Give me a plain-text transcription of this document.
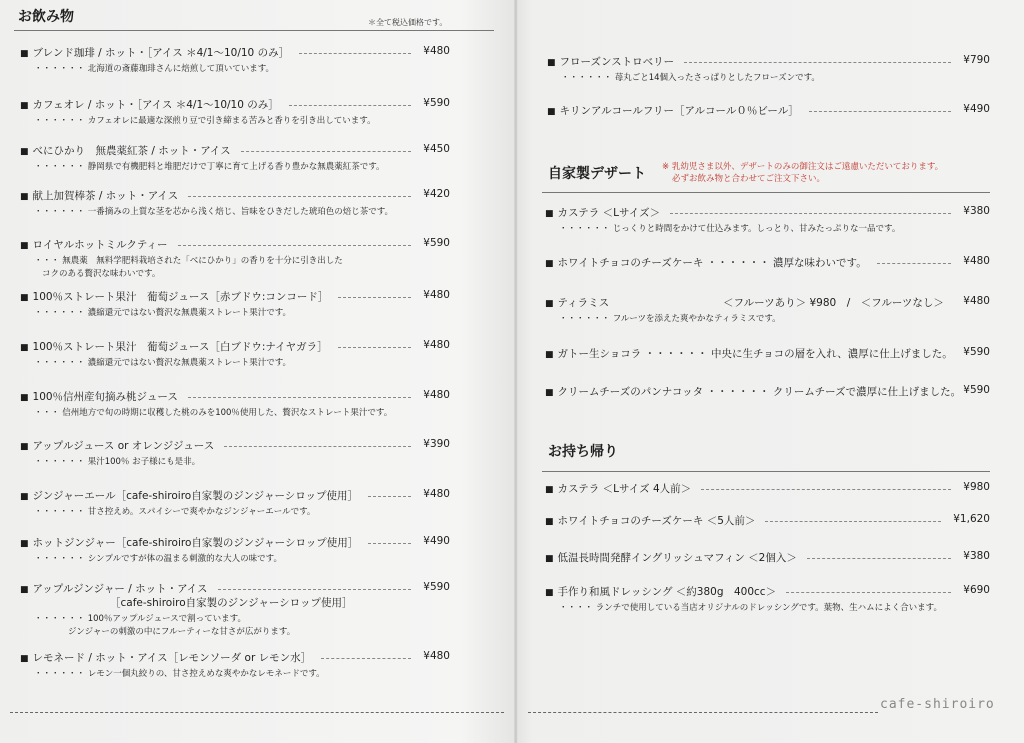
お飲み物	＊全て税込価格です。
■ ブレンド珈琲 / ホット・［アイス ＊4/1～10/10 のみ］	¥480
・・・・・・ 北海道の斎藤珈琲さんに焙煎して頂いています。
■ カフェオレ / ホット・［アイス ＊4/1～10/10 のみ］	¥590
・・・・・・ カフェオレに最適な深煎り豆で引き締まる苦みと香りを引き出しています。
■ べにひかり　無農薬紅茶 / ホット・アイス	¥450
・・・・・・ 静岡県で有機肥料と堆肥だけで丁寧に育て上げる香り豊かな無農薬紅茶です。
■ 献上加賀棒茶 / ホット・アイス	¥420
・・・・・・ 一番摘みの上質な茎を芯から浅く焙じ、旨味をひきだした琥珀色の焙じ茶です。
■ ロイヤルホットミルクティー	¥590
・・・ 無農薬　無料学肥料栽培された「べにひかり」の香りを十分に引き出した
コクのある贅沢な味わいです。
■ 100％ストレート果汁　葡萄ジュース［赤ブドウ:コンコード］	¥480
・・・・・・ 濃縮還元ではない贅沢な無農薬ストレート果汁です。
■ 100％ストレート果汁　葡萄ジュース［白ブドウ:ナイヤガラ］	¥480
・・・・・・ 濃縮還元ではない贅沢な無農薬ストレート果汁です。
■ 100％信州産旬摘み桃ジュース	¥480
・・・ 信州地方で旬の時期に収穫した桃のみを100％使用した、贅沢なストレート果汁です。
■ アップルジュース or オレンジジュース	¥390
・・・・・・ 果汁100％ お子様にも是非。
■ ジンジャーエール［cafe-shiroiro自家製のジンジャーシロップ使用］	¥480
・・・・・・ 甘さ控えめ。スパイシーで爽やかなジンジャーエールです。
■ ホットジンジャー［cafe-shiroiro自家製のジンジャーシロップ使用］	¥490
・・・・・・ シンプルですが体の温まる刺激的な大人の味です。
■ アップルジンジャー / ホット・アイス
［cafe-shiroiro自家製のジンジャーシロップ使用］
¥590
・・・・・・ 100％アップルジュースで割っています。
ジンジャーの刺激の中にフルーティーな甘さが広がります。
■ レモネード / ホット・アイス［レモンソーダ or レモン水］	¥480
・・・・・・ レモン一個丸絞りの、甘さ控えめな爽やかなレモネードです。
自家製デザート ※ 乳幼児さま以外、デザートのみの御注文はご遠慮いただいております。
必ずお飲み物と合わせてご注文下さい。
お持ち帰り
■ フローズンストロベリー	¥790
・・・・・・ 苺丸ごと14個入ったさっぱりとしたフローズンです。
■ キリンアルコールフリー［アルコール０％ビール］	¥490
■ カステラ ＜Lサイズ＞	¥380
・・・・・・ じっくりと時間をかけて仕込みます。しっとり、甘みたっぷりな一品です。
■ ホワイトチョコのチーズケーキ ・・・・・・ 濃厚な味わいです。	¥480
■ ティラミス	＜フルーツあり＞ ¥980　/　＜フルーツなし＞ ¥480
・・・・・・ フルーツを添えた爽やかなティラミスです。
■ ガトー生ショコラ ・・・・・・ 中央に生チョコの層を入れ、濃厚に仕上げました。 ¥590
■ クリームチーズのパンナコッタ ・・・・・・ クリームチーズで濃厚に仕上げました。 ¥590
■ カステラ ＜Lサイズ 4人前＞	¥980
■ ホワイトチョコのチーズケーキ ＜5人前＞	¥1,620
■ 低温長時間発酵イングリッシュマフィン ＜2個入＞	¥380
■ 手作り和風ドレッシング ＜約380g　400cc＞	¥690
・・・・ ランチで使用している当店オリジナルのドレッシングです。葉物、生ハムによく合います。
cafe-shiroiro
